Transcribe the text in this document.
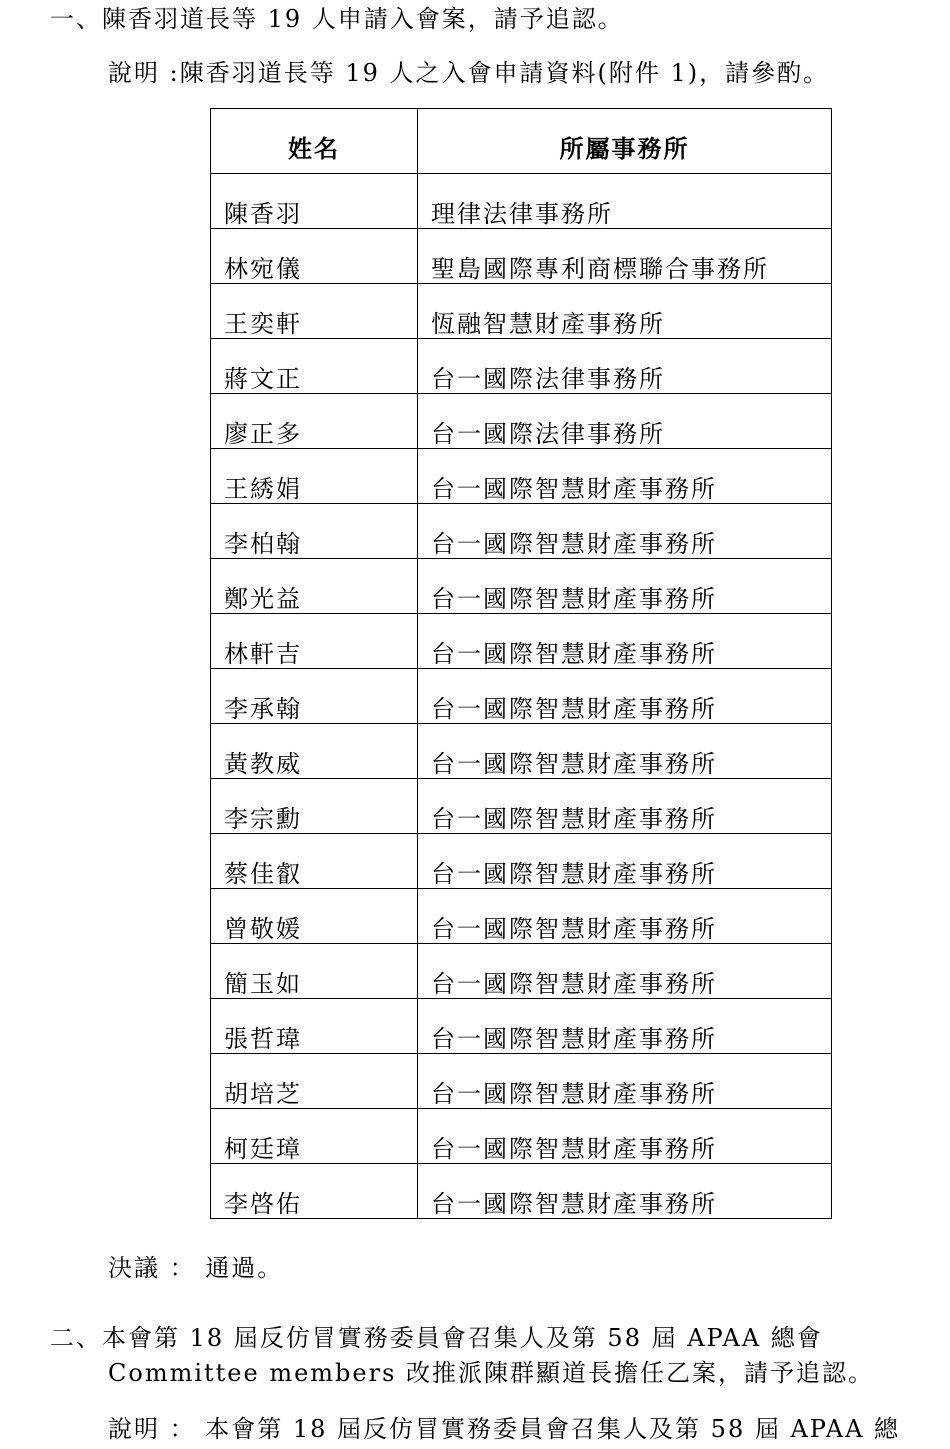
一、陳香羽道長等 19 人申請入會案，請予追認。
說明 :陳香羽道長等 19 人之入會申請資料(附件 1)，請參酌。
姓名	所屬事務所
陳香羽	理律法律事務所
林宛儀	聖島國際專利商標聯合事務所
王奕軒	恆融智慧財產事務所
蔣文正	台一國際法律事務所
廖正多	台一國際法律事務所
王綉娟	台一國際智慧財產事務所
李柏翰	台一國際智慧財產事務所
鄭光益	台一國際智慧財產事務所
林軒吉	台一國際智慧財產事務所
李承翰	台一國際智慧財產事務所
黃教威	台一國際智慧財產事務所
李宗勳	台一國際智慧財產事務所
蔡佳叡	台一國際智慧財產事務所
曾敬媛	台一國際智慧財產事務所
簡玉如	台一國際智慧財產事務所
張哲瑋	台一國際智慧財產事務所
胡培芝	台一國際智慧財產事務所
柯廷璋	台一國際智慧財產事務所
李啓佑	台一國際智慧財產事務所
決議 ： 通過。
二、本會第 18 屆反仿冒實務委員會召集人及第 58 屆 APAA 總會
Committee members 改推派陳群顯道長擔任乙案，請予追認。
說明 ： 本會第 18 屆反仿冒實務委員會召集人及第 58 屆 APAA 總
